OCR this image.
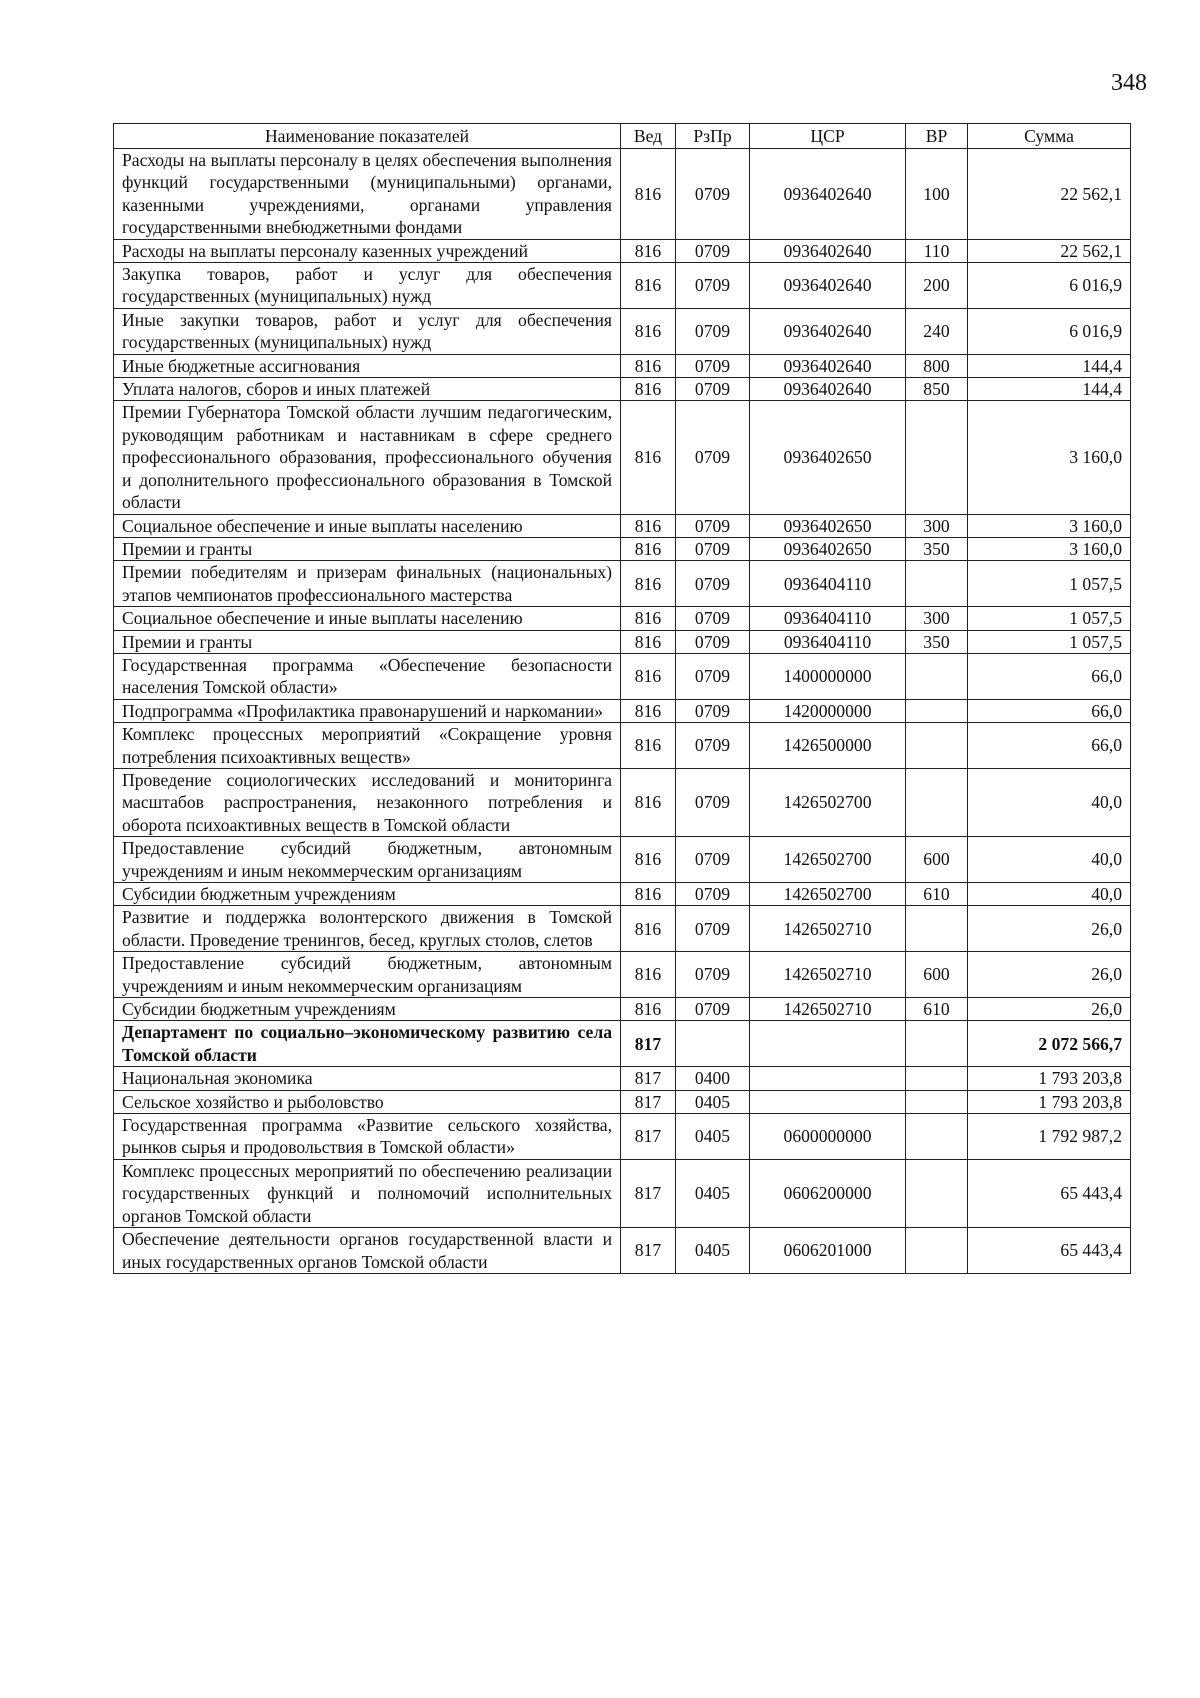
348
Наименование показателей	Вед	РзПр	ЦСР	ВР	Сумма
Расходы на выплаты персоналу в целях обеспечения выполнения функций государственными (муниципальными) органами, казенными учреждениями, органами управления государственными внебюджетными фондами	816	0709	0936402640	100	22 562,1
Расходы на выплаты персоналу казенных учреждений	816	0709	0936402640	110	22 562,1
Закупка товаров, работ и услуг для обеспечения государственных (муниципальных) нужд	816	0709	0936402640	200	6 016,9
Иные закупки товаров, работ и услуг для обеспечения государственных (муниципальных) нужд	816	0709	0936402640	240	6 016,9
Иные бюджетные ассигнования	816	0709	0936402640	800	144,4
Уплата налогов, сборов и иных платежей	816	0709	0936402640	850	144,4
Премии Губернатора Томской области лучшим педагогическим, руководящим работникам и наставникам в сфере среднего профессионального образования, профессионального обучения и дополнительного профессионального образования в Томской области	816	0709	0936402650		3 160,0
Социальное обеспечение и иные выплаты населению	816	0709	0936402650	300	3 160,0
Премии и гранты	816	0709	0936402650	350	3 160,0
Премии победителям и призерам финальных (национальных) этапов чемпионатов профессионального мастерства	816	0709	0936404110		1 057,5
Социальное обеспечение и иные выплаты населению	816	0709	0936404110	300	1 057,5
Премии и гранты	816	0709	0936404110	350	1 057,5
Государственная программа «Обеспечение безопасности населения Томской области»	816	0709	1400000000		66,0
Подпрограмма «Профилактика правонарушений и наркомании»	816	0709	1420000000		66,0
Комплекс процессных мероприятий «Сокращение уровня потребления психоактивных веществ»	816	0709	1426500000		66,0
Проведение социологических исследований и мониторинга масштабов распространения, незаконного потребления и оборота психоактивных веществ в Томской области	816	0709	1426502700		40,0
Предоставление субсидий бюджетным, автономным учреждениям и иным некоммерческим организациям	816	0709	1426502700	600	40,0
Субсидии бюджетным учреждениям	816	0709	1426502700	610	40,0
Развитие и поддержка волонтерского движения в Томской области. Проведение тренингов, бесед, круглых столов, слетов	816	0709	1426502710		26,0
Предоставление субсидий бюджетным, автономным учреждениям и иным некоммерческим организациям	816	0709	1426502710	600	26,0
Субсидии бюджетным учреждениям	816	0709	1426502710	610	26,0
Департамент по социально–экономическому развитию села Томской области	817				2 072 566,7
Национальная экономика	817	0400			1 793 203,8
Сельское хозяйство и рыболовство	817	0405			1 793 203,8
Государственная программа «Развитие сельского хозяйства, рынков сырья и продовольствия в Томской области»	817	0405	0600000000		1 792 987,2
Комплекс процессных мероприятий по обеспечению реализации государственных функций и полномочий исполнительных органов Томской области	817	0405	0606200000		65 443,4
Обеспечение деятельности органов государственной власти и иных государственных органов Томской области	817	0405	0606201000		65 443,4
